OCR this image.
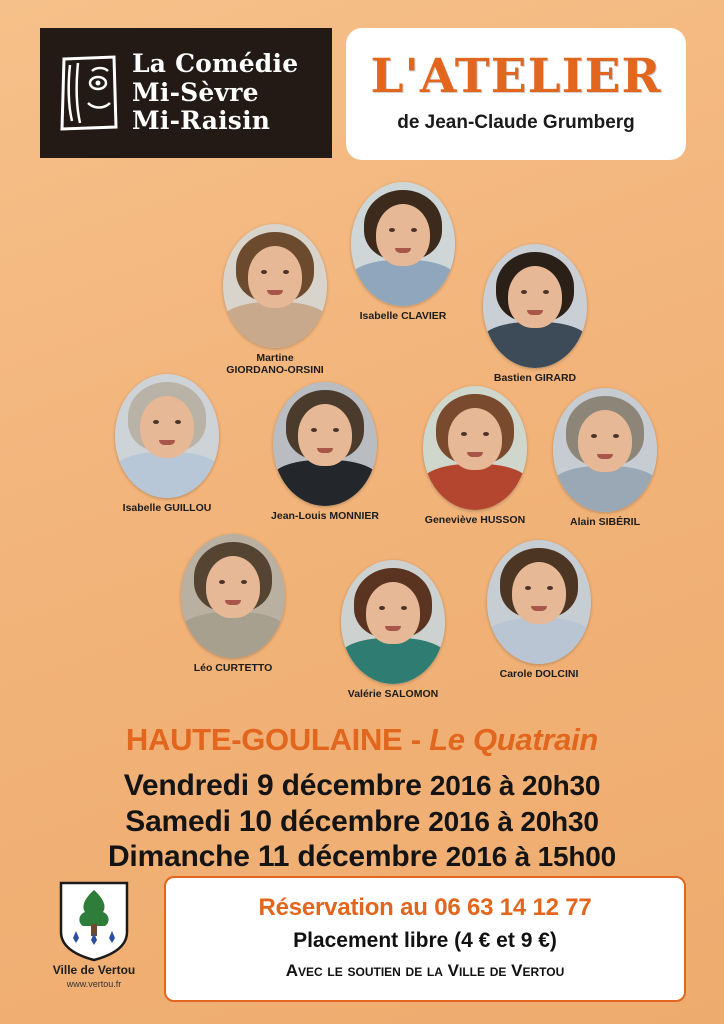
La Comédie
Mi-Sèvre
Mi-Raisin
L'ATELIER
de Jean-Claude Grumberg
Martine
GIORDANO-ORSINI
Isabelle CLAVIER
Bastien GIRARD
Isabelle GUILLOU
Jean-Louis MONNIER	Geneviève HUSSON	Alain SIBÉRIL
Léo CURTETTO
Valérie SALOMON
Carole DOLCINI
HAUTE-GOULAINE - Le Quatrain
Vendredi 9 décembre 2016 à 20h30
Samedi 10 décembre 2016 à 20h30
Dimanche 11 décembre 2016 à 15h00
Ville de Vertou
www.vertou.fr
Réservation au 06 63 14 12 77
Placement libre (4 € et 9 €)
Avec le soutien de la Ville de Vertou
